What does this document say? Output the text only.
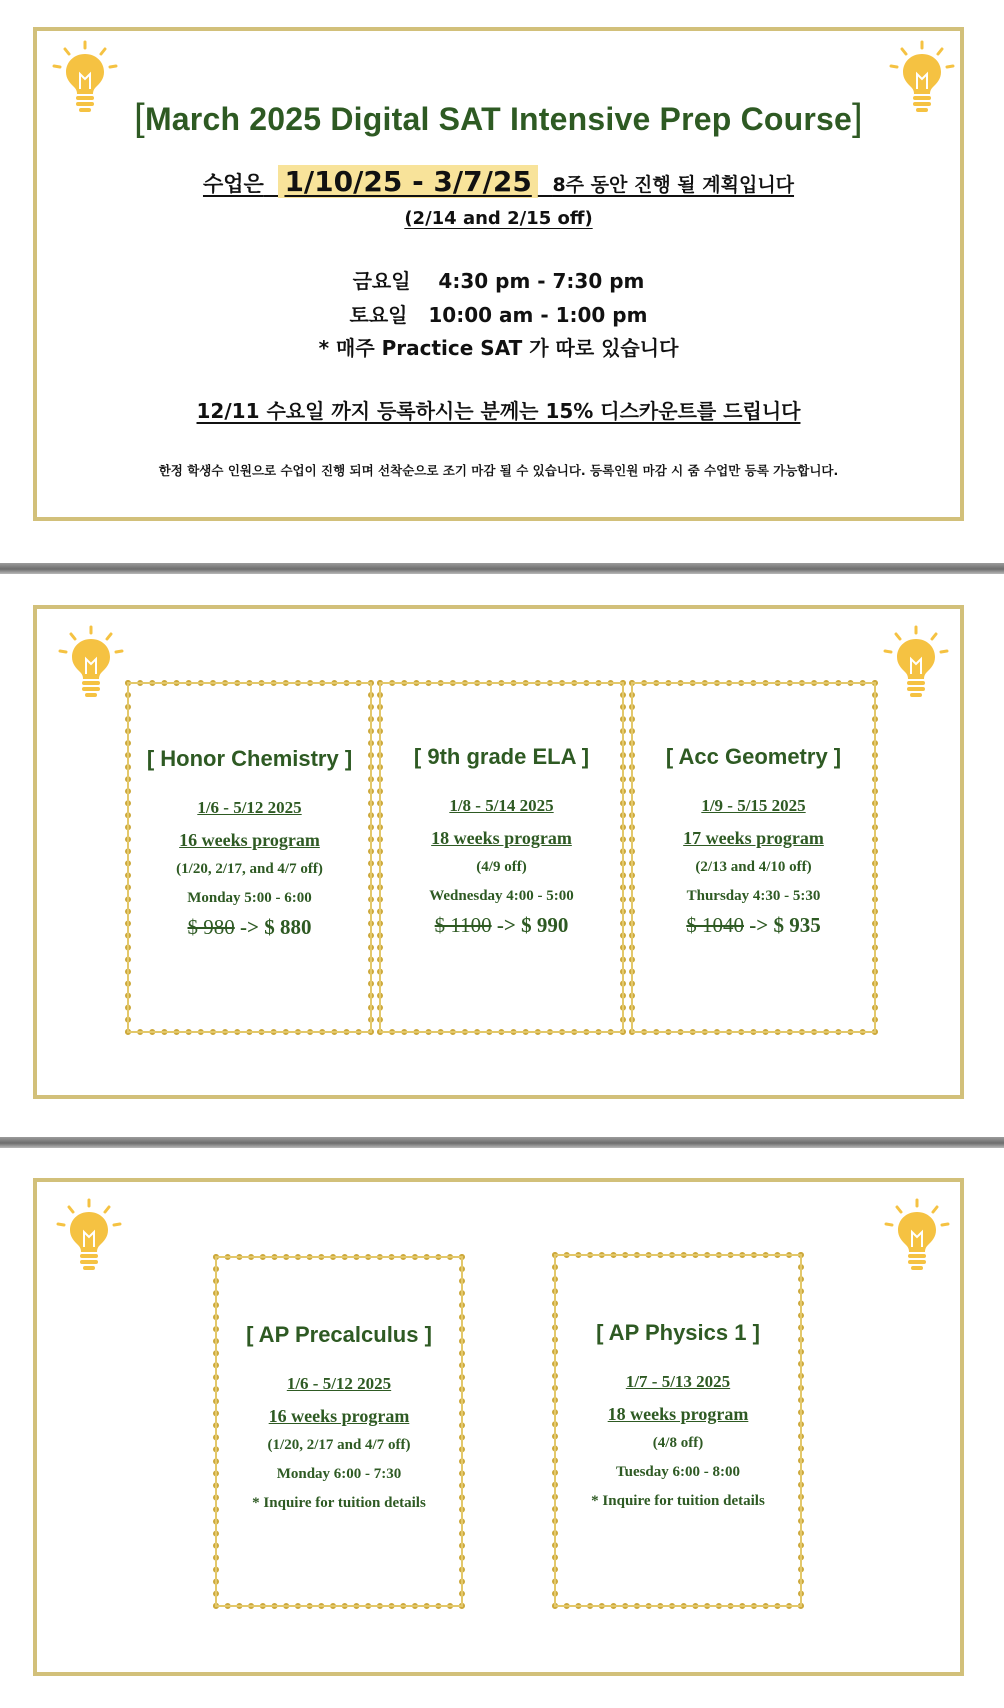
[March 2025 Digital SAT Intensive Prep Course]
수업은 1/10/25 - 3/7/25 8주 동안 진행 될 계획입니다
(2/14 and 2/15 off)
금요일 4:30 pm - 7:30 pm
토요일 10:00 am - 1:00 pm
* 매주 Practice SAT 가 따로 있습니다
12/11 수요일 까지 등록하시는 분께는 15% 디스카운트를 드립니다
한정 학생수 인원으로 수업이 진행 되며 선착순으로 조기 마감 될 수 있습니다. 등록인원 마감 시 줌 수업만 등록 가능합니다.
[ Honor Chemistry ]
1/6 - 5/12 2025
16 weeks program
(1/20, 2/17, and 4/7 off)
Monday 5:00 - 6:00
$ 980 -> $ 880
[ 9th grade ELA ]
1/8 - 5/14 2025
18 weeks program
(4/9 off)
Wednesday 4:00 - 5:00
$ 1100 -> $ 990
[ Acc Geometry ]
1/9 - 5/15 2025
17 weeks program
(2/13 and 4/10 off)
Thursday 4:30 - 5:30
$ 1040 -> $ 935
[ AP Precalculus ]
1/6 - 5/12 2025
16 weeks program
(1/20, 2/17 and 4/7 off)
Monday 6:00 - 7:30
* Inquire for tuition details
[ AP Physics 1 ]
1/7 - 5/13 2025
18 weeks program
(4/8 off)
Tuesday 6:00 - 8:00
* Inquire for tuition details
